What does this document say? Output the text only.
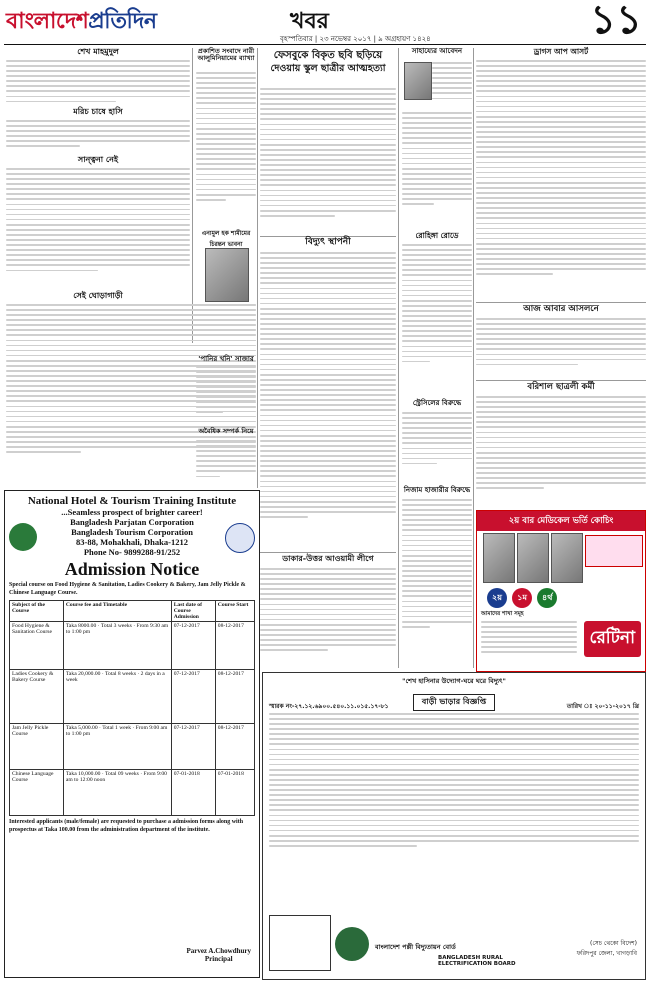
বাংলাদেশপ্রতিদিন	খবর	১১
বৃহস্পতিবার | ২৩ নভেম্বর ২০১৭ | ৯ অগ্রহায়ণ ১৪২৪
শেখ মাহমুদুল
মরিচ চাষে হাসি
সান্ত্বনা নেই
সেই ঘোড়াগাড়ী
প্রকাশিত সংবাদে নারী আলুমিনিয়ামের ব্যাখ্যা
এনামুল হক শামীমের চিরন্তন ভাবনা
'পানির খনি' সাজার
অবৈধিক সম্পর্ক নিয়ে
ফেসবুকে বিকৃত ছবি ছড়িয়ে
দেওয়ায় স্কুল ছাত্রীর আত্মহত্যা
বিদ্যুৎ স্থাপনী
ডাকার-উত্তর আওয়ামী লীগে
সাহায্যের আবেদন
রোহিঙ্গা রোডে
স্ট্রেসিলের বিরুদ্ধে
নিজাম হাজারীর বিরুদ্ধে
ড্রাগস আপ আসর্ট
আজ আবার আসলনে
বরিশাল ছাত্রলী কর্মী
২য় বার মেডিকেল ভর্তি কোচিং
২য় ১ম ৪র্থ
আমাদের শাখা সমূহ
রেটিনা
National Hotel & Tourism Training Institute
...Seamless prospect of brighter career!
Bangladesh Parjatan Corporation
Bangladesh Tourism Corporation
83-88, Mohakhali, Dhaka-1212
Phone No- 9899288-91/252
Admission Notice
Special course on Food Hygiene & Sanitation, Ladies Cookery & Bakery, Jam Jelly Pickle & Chinese Language Course.
Subject of the Course	Course fee and Timetable	Last date of Course Admission	Course Start
Food Hygiene & Sanitation Course	Taka 8000.00 · Total 3 weeks · From 9:30 am to 1:00 pm	07-12-2017	08-12-2017
Ladies Cookery & Bakery Course	Taka 20,000.00 · Total 8 weeks · 2 days in a week	07-12-2017	08-12-2017
Jam Jelly Pickle Course	Taka 5,000.00 · Total 1 week · From 9:00 am to 1:00 pm	07-12-2017	08-12-2017
Chinese Language Course	Taka 10,000.00 · Total 09 weeks · From 9:00 am to 12:00 noon	07-01-2018	07-01-2018
Interested applicants (male/female) are requested to purchase a admission forms along with prospectus at Taka 100.00 from the administration department of the institute.
Parvez A.Chowdhury
Principal
"শেখ হাসিনার উদ্যোগ-ঘরে ঘরে বিদ্যুৎ"
বাড়ী ভাড়ার বিজ্ঞপ্তি
স্মারক নং-২৭.১২.৬৯০০.৫৪০.১১.০১৫.১৭-৮১	তারিখ ঃ ২০-১১-২০১৭ খ্রি
বাংলাদেশ পল্লী বিদ্যুতায়ন বোর্ড
BANGLADESH RURAL ELECTRIFICATION BOARD
(সেচ থেকো বিদেশ)
ফরিদপুর জেলা, খাগড়াবি
